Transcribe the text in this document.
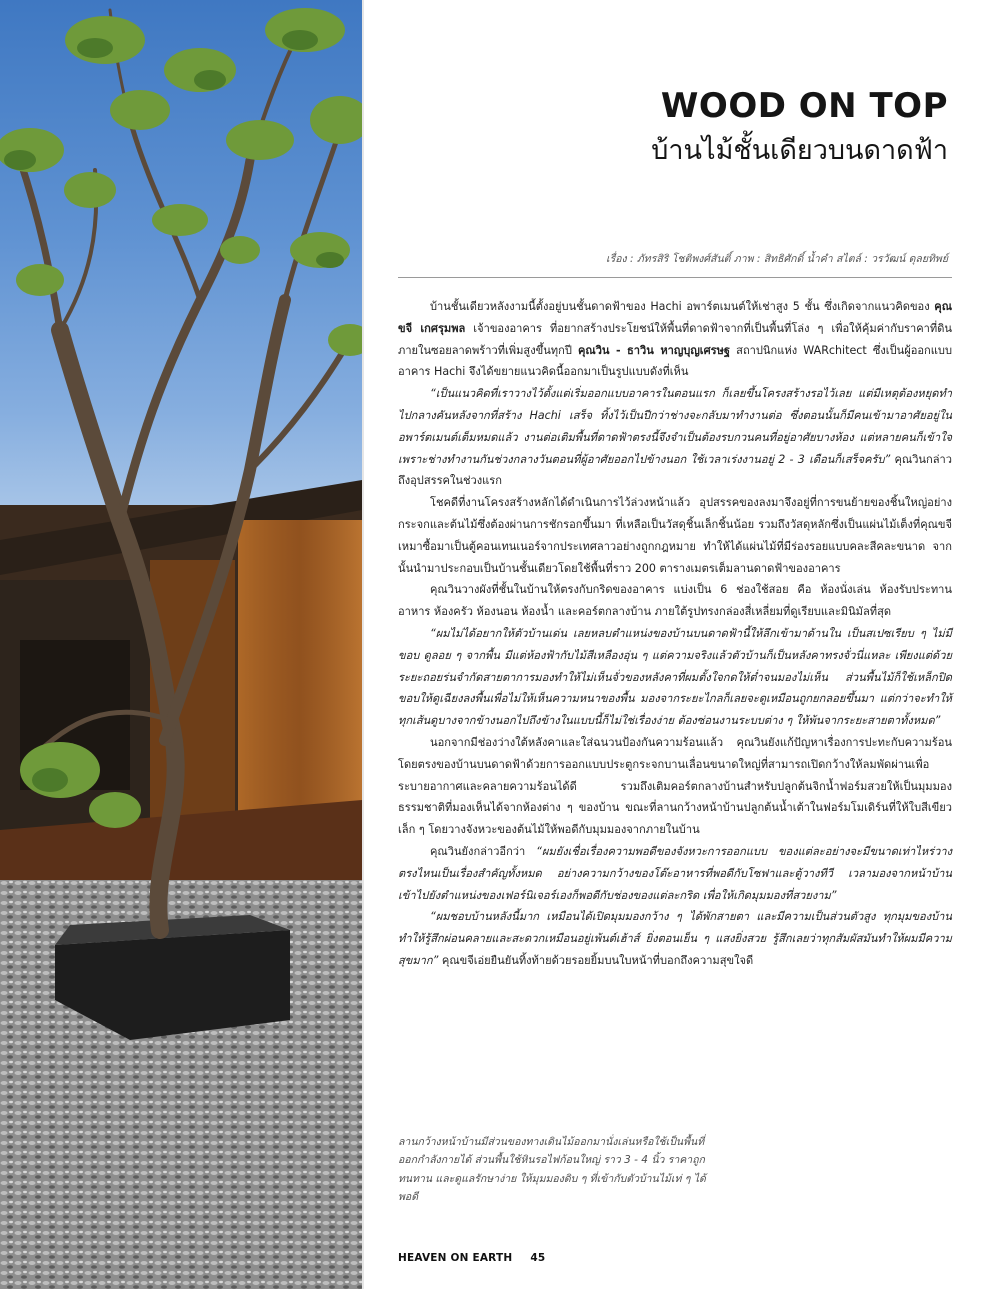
WOOD ON TOP
บ้านไม้ชั้นเดียวบนดาดฟ้า
เรื่อง : ภัทรสิริ โชติพงศ์สันติ์ ภาพ : สิทธิศักดิ์ น้ำคำ สไตล์ : วรวัฒน์ ดุลยทิพย์

บ้านชั้นเดียวหลังงามนี้ตั้งอยู่บนชั้นดาดฟ้าของ Hachi อพาร์ตเมนต์ให้เช่าสูง 5 ชั้น ซึ่งเกิดจากแนวคิดของ คุณขจี เกศรุมพล เจ้าของอาคาร ที่อยากสร้างประโยชน์ให้พื้นที่ดาดฟ้าจากที่เป็นพื้นที่โล่ง ๆ เพื่อให้คุ้มค่ากับราคาที่ดินภายในซอยลาดพร้าวที่เพิ่มสูงขึ้นทุกปี คุณวิน - ธาวิน หาญบุญเศรษฐ สถาปนิกแห่ง WARchitect ซึ่งเป็นผู้ออกแบบอาคาร Hachi จึงได้ขยายแนวคิดนี้ออกมาเป็นรูปแบบดังที่เห็น

“เป็นแนวคิดที่เราวางไว้ตั้งแต่เริ่มออกแบบอาคารในตอนแรก ก็เลยขึ้นโครงสร้างรอไว้เลย แต่มีเหตุต้องหยุดทำไปกลางคันหลังจากที่สร้าง Hachi เสร็จ ทิ้งไว้เป็นปีกว่าช่างจะกลับมาทำงานต่อ ซึ่งตอนนั้นก็มีคนเข้ามาอาศัยอยู่ในอพาร์ตเมนต์เต็มหมดแล้ว งานต่อเติมพื้นที่ดาดฟ้าตรงนี้จึงจำเป็นต้องรบกวนคนที่อยู่อาศัยบางห้อง แต่หลายคนก็เข้าใจ เพราะช่างทำงานกันช่วงกลางวันตอนที่ผู้อาศัยออกไปข้างนอก ใช้เวลาเร่งงานอยู่ 2 - 3 เดือนก็เสร็จครับ” คุณวินกล่าวถึงอุปสรรคในช่วงแรก

โชคดีที่งานโครงสร้างหลักได้ดำเนินการไว้ล่วงหน้าแล้ว อุปสรรคของลงมาจึงอยู่ที่การขนย้ายของชิ้นใหญ่อย่างกระจกและต้นไม้ซึ่งต้องผ่านการชักรอกขึ้นมา ที่เหลือเป็นวัสดุชิ้นเล็กชิ้นน้อย รวมถึงวัสดุหลักซึ่งเป็นแผ่นไม้เต็งที่คุณขจีเหมาซื้อมาเป็นตู้คอนเทนเนอร์จากประเทศลาวอย่างถูกกฎหมาย ทำให้ได้แผ่นไม้ที่มีร่องรอยแบบคละสีคละขนาด จากนั้นนำมาประกอบเป็นบ้านชั้นเดียวโดยใช้พื้นที่ราว 200 ตารางเมตรเต็มลานดาดฟ้าของอาคาร

คุณวินวางผังที่ชั้นในบ้านให้ตรงกับกริดของอาคาร แบ่งเป็น 6 ช่องใช้สอย คือ ห้องนั่งเล่น ห้องรับประทานอาหาร ห้องครัว ห้องนอน ห้องน้ำ และคอร์ตกลางบ้าน ภายใต้รูปทรงกล่องสี่เหลี่ยมที่ดูเรียบและมินิมัลที่สุด

“ผมไม่ได้อยากให้ตัวบ้านเด่น เลยหลบตำแหน่งของบ้านบนดาดฟ้านี้ให้ลึกเข้ามาด้านใน เป็นสเปซเรียบ ๆ ไม่มีขอบ ดูลอย ๆ จากพื้น มีแต่ห้องฟ้ากับไม้สีเหลืองอุ่น ๆ แต่ความจริงแล้วตัวบ้านก็เป็นหลังคาทรงจั่วนี่แหละ เพียงแต่ด้วยระยะถอยร่นจำกัดสายตาการมองทำให้ไม่เห็นจั่วของหลังคาที่ผมตั้งใจกดให้ต่ำจนมองไม่เห็น ส่วนพื้นไม้ก็ใช้เหล็กปิดขอบให้ดูเฉียงลงพื้นเพื่อไม่ให้เห็นความหนาของพื้น มองจากระยะไกลก็เลยจะดูเหมือนถูกยกลอยขึ้นมา แต่กว่าจะทำให้ทุกเส้นดูบางจากข้างนอกไปถึงข้างในแบบนี้ก็ไม่ใช่เรื่องง่าย ต้องซ่อนงานระบบต่าง ๆ ให้พ้นจากระยะสายตาทั้งหมด”

นอกจากมีช่องว่างใต้หลังคาและใส่ฉนวนป้องกันความร้อนแล้ว คุณวินยังแก้ปัญหาเรื่องการปะทะกับความร้อนโดยตรงของบ้านบนดาดฟ้าด้วยการออกแบบประตูกระจกบานเลื่อนขนาดใหญ่ที่สามารถเปิดกว้างให้ลมพัดผ่านเพื่อระบายอากาศและคลายความร้อนได้ดี รวมถึงเติมคอร์ตกลางบ้านสำหรับปลูกต้นจิกน้ำฟอร์มสวยให้เป็นมุมมองธรรมชาติที่มองเห็นได้จากห้องต่าง ๆ ของบ้าน ขณะที่ลานกว้างหน้าบ้านปลูกต้นน้ำเต้าในฟอร์มโมเดิร์นที่ให้ใบสีเขียวเล็ก ๆ โดยวางจังหวะของต้นไม้ให้พอดีกับมุมมองจากภายในบ้าน

คุณวินยังกล่าวอีกว่า “ผมยังเชื่อเรื่องความพอดีของจังหวะการออกแบบ ของแต่ละอย่างจะมีขนาดเท่าไหร่วางตรงไหนเป็นเรื่องสำคัญทั้งหมด อย่างความกว้างของโต๊ะอาหารที่พอดีกับโซฟาและตู้วางทีวี เวลามองจากหน้าบ้านเข้าไปยังตำแหน่งของเฟอร์นิเจอร์เองก็พอดีกับช่องของแต่ละกริด เพื่อให้เกิดมุมมองที่สวยงาม”

“ผมชอบบ้านหลังนี้มาก เหมือนได้เปิดมุมมองกว้าง ๆ ได้พักสายตา และมีความเป็นส่วนตัวสูง ทุกมุมของบ้านทำให้รู้สึกผ่อนคลายและสะดวกเหมือนอยู่เพ้นต์เฮ้าส์ ยิ่งตอนเย็น ๆ แสงยิ่งสวย รู้สึกเลยว่าทุกสัมผัสมันทำให้ผมมีความสุขมาก” คุณขจีเอ่ยยืนยันทิ้งท้ายด้วยรอยยิ้มบนใบหน้าที่บอกถึงความสุขใจดี

ลานกว้างหน้าบ้านมีส่วนของทางเดินไม้ออกมานั่งเล่นหรือใช้เป็นพื้นที่ออกกำลังกายได้ ส่วนพื้นใช้หินรอไฟก้อนใหญ่ ราว 3 - 4 นิ้ว ราคาถูก ทนทาน และดูแลรักษาง่าย ให้มุมมองดิบ ๆ ที่เข้ากับตัวบ้านไม้เท่ ๆ ได้พอดี
HEAVEN ON EARTH 45
